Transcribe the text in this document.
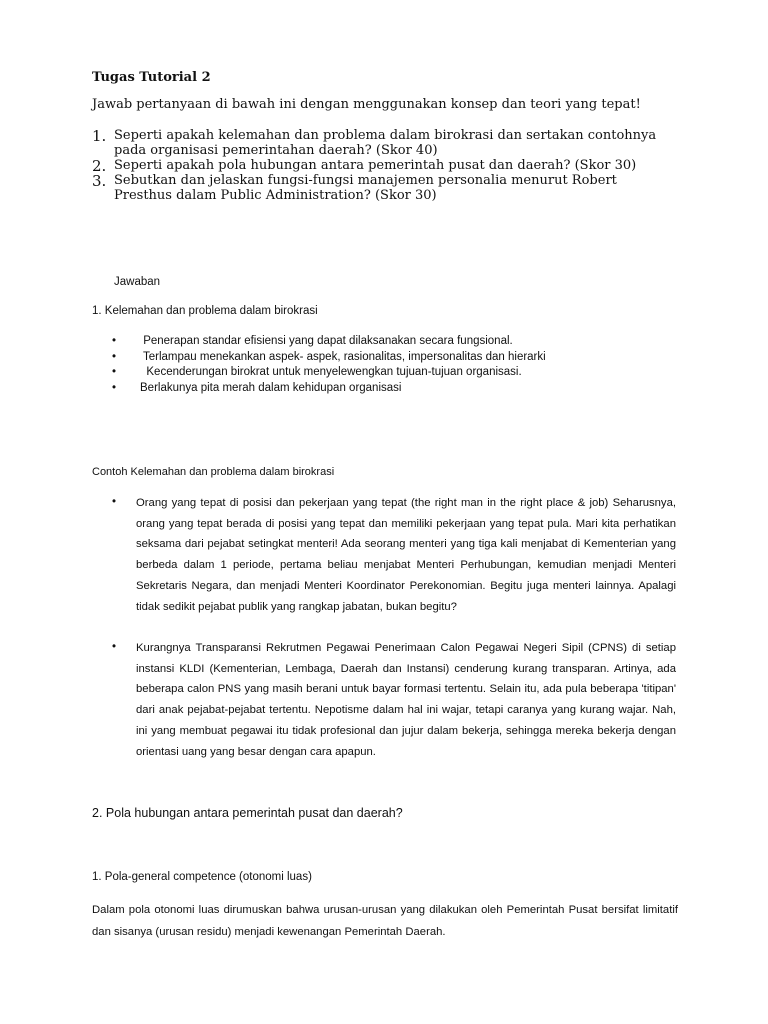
Tugas Tutorial 2
Jawab pertanyaan di bawah ini dengan menggunakan konsep dan teori yang tepat!
1. Seperti apakah kelemahan dan problema dalam birokrasi dan sertakan contohnya pada organisasi pemerintahan daerah? (Skor 40)
2. Seperti apakah pola hubungan antara pemerintah pusat dan daerah? (Skor 30)
3. Sebutkan dan jelaskan fungsi-fungsi manajemen personalia menurut Robert Presthus dalam Public Administration? (Skor 30)
Jawaban
1. Kelemahan dan problema dalam birokrasi
• Penerapan standar efisiensi yang dapat dilaksanakan secara fungsional.
• Terlampau menekankan aspek- aspek, rasionalitas, impersonalitas dan hierarki
• Kecenderungan birokrat untuk menyelewengkan tujuan-tujuan organisasi.
• Berlakunya pita merah dalam kehidupan organisasi
Contoh Kelemahan dan problema dalam birokrasi
• Orang yang tepat di posisi dan pekerjaan yang tepat (the right man in the right place & job) Seharusnya, orang yang tepat berada di posisi yang tepat dan memiliki pekerjaan yang tepat pula. Mari kita perhatikan seksama dari pejabat setingkat menteri! Ada seorang menteri yang tiga kali menjabat di Kementerian yang berbeda dalam 1 periode, pertama beliau menjabat Menteri Perhubungan, kemudian menjadi Menteri Sekretaris Negara, dan menjadi Menteri Koordinator Perekonomian. Begitu juga menteri lainnya. Apalagi tidak sedikit pejabat publik yang rangkap jabatan, bukan begitu?
• Kurangnya Transparansi Rekrutmen Pegawai Penerimaan Calon Pegawai Negeri Sipil (CPNS) di setiap instansi KLDI (Kementerian, Lembaga, Daerah dan Instansi) cenderung kurang transparan. Artinya, ada beberapa calon PNS yang masih berani untuk bayar formasi tertentu. Selain itu, ada pula beberapa 'titipan' dari anak pejabat-pejabat tertentu. Nepotisme dalam hal ini wajar, tetapi caranya yang kurang wajar. Nah, ini yang membuat pegawai itu tidak profesional dan jujur dalam bekerja, sehingga mereka bekerja dengan orientasi uang yang besar dengan cara apapun.
2. Pola hubungan antara pemerintah pusat dan daerah?
1. Pola-general competence (otonomi luas)
Dalam pola otonomi luas dirumuskan bahwa urusan-urusan yang dilakukan oleh Pemerintah Pusat bersifat limitatif dan sisanya (urusan residu) menjadi kewenangan Pemerintah Daerah.
